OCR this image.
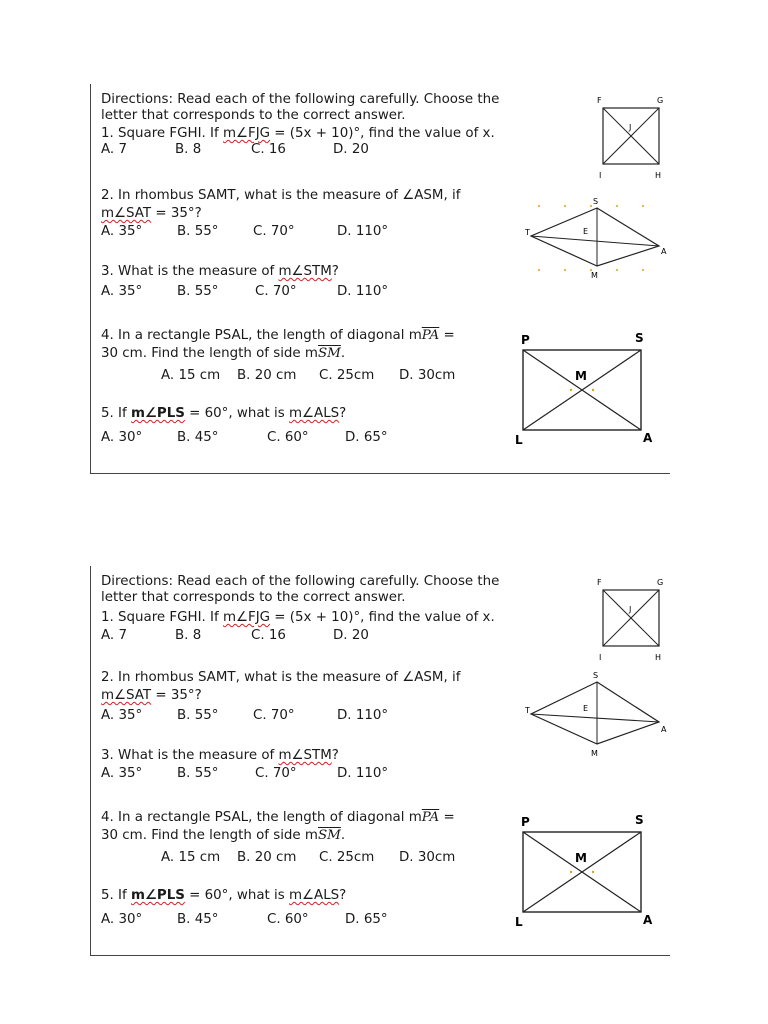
Directions: Read each of the following carefully. Choose the
letter that corresponds to the correct answer.
1. Square FGHI. If m∠FJG = (5x + 10)°, find the value of x.
A. 7	B. 8	C. 16	D. 20
2. In rhombus SAMT, what is the measure of ∠ASM, if
m∠SAT = 35°?
A. 35°	B. 55°	C. 70°	D. 110°
3. What is the measure of m∠STM?
A. 35°	B. 55°	C. 70°	D. 110°
4. In a rectangle PSAL, the length of diagonal $m\overline{PA}$ =
30 cm. Find the length of side $m\overline{SM}$.
A. 15 cm B. 20 cm C. 25cm D. 30cm
5. If m∠PLS = 60°, what is m∠ALS?
A. 30°	B. 45°	C. 60°	D. 65°
F	G
J
I	H
S
T	E
A
M
P	S
M
L	A
Directions: Read each of the following carefully. Choose the
letter that corresponds to the correct answer.
1. Square FGHI. If m∠FJG = (5x + 10)°, find the value of x.
A. 7	B. 8	C. 16	D. 20
2. In rhombus SAMT, what is the measure of ∠ASM, if
m∠SAT = 35°?
A. 35°	B. 55°	C. 70°	D. 110°
3. What is the measure of m∠STM?
A. 35°	B. 55°	C. 70°	D. 110°
4. In a rectangle PSAL, the length of diagonal $m\overline{PA}$ =
30 cm. Find the length of side $m\overline{SM}$.
A. 15 cm B. 20 cm C. 25cm D. 30cm
5. If m∠PLS = 60°, what is m∠ALS?
A. 30°	B. 45°	C. 60°	D. 65°
F	G
J
I	H
S
T	E
A
M
P	S
M
L	A
